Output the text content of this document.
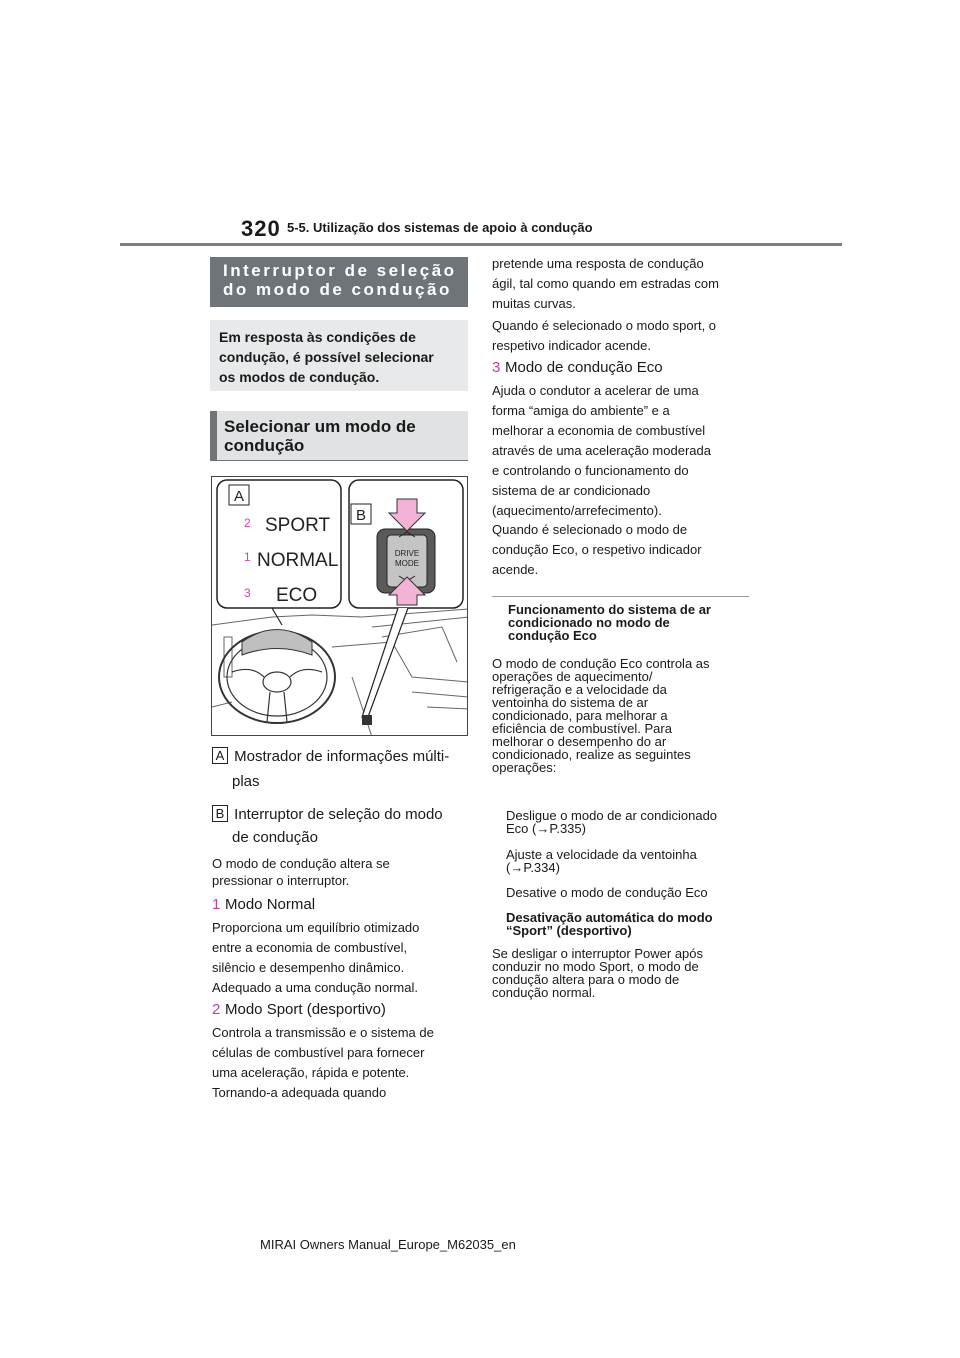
320 5-5. Utilização dos sistemas de apoio à condução
Interruptor de seleção
do modo de condução
Em resposta às condições de
condução, é possível selecionar
os modos de condução.
Selecionar um modo de
condução
A
B
2
1
3
SPORT
NORMAL
ECO
DRIVE
MODE
A Mostrador de informações múlti-
plas
B Interruptor de seleção do modo
de condução
O modo de condução altera se
pressionar o interruptor.
1 Modo Normal
Proporciona um equilíbrio otimizado
entre a economia de combustível,
silêncio e desempenho dinâmico.
Adequado a uma condução normal.
2 Modo Sport (desportivo)
Controla a transmissão e o sistema de
células de combustível para fornecer
uma aceleração, rápida e potente.
Tornando-a adequada quando
pretende uma resposta de condução
ágil, tal como quando em estradas com
muitas curvas.
Quando é selecionado o modo sport, o
respetivo indicador acende.
3 Modo de condução Eco
Ajuda o condutor a acelerar de uma
forma “amiga do ambiente” e a
melhorar a economia de combustível
através de uma aceleração moderada
e controlando o funcionamento do
sistema de ar condicionado
(aquecimento/arrefecimento).
Quando é selecionado o modo de
condução Eco, o respetivo indicador
acende.
Funcionamento do sistema de ar
condicionado no modo de
condução Eco
O modo de condução Eco controla as
operações de aquecimento/
refrigeração e a velocidade da
ventoinha do sistema de ar
condicionado, para melhorar a
eficiência de combustível. Para
melhorar o desempenho do ar
condicionado, realize as seguintes
operações:
Desligue o modo de ar condicionado
Eco (→P.335)
Ajuste a velocidade da ventoinha
(→P.334)
Desative o modo de condução Eco
Desativação automática do modo
“Sport” (desportivo)
Se desligar o interruptor Power após
conduzir no modo Sport, o modo de
condução altera para o modo de
condução normal.
MIRAI Owners Manual_Europe_M62035_en
